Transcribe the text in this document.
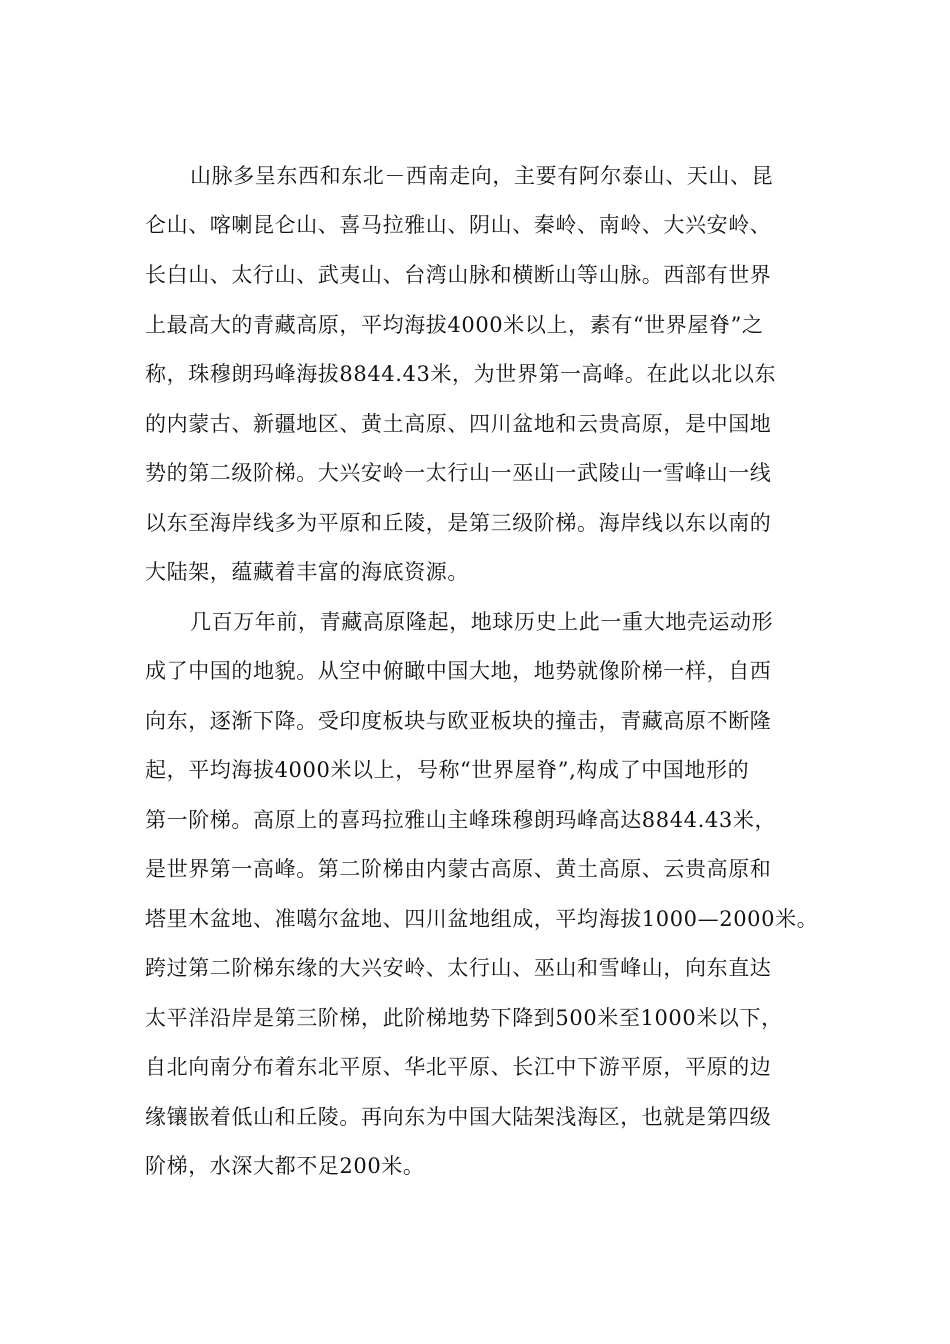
山脉多呈东西和东北－西南走向，主要有阿尔泰山、天山、昆
仑山、喀喇昆仑山、喜马拉雅山、阴山、秦岭、南岭、大兴安岭、
长白山、太行山、武夷山、台湾山脉和横断山等山脉。西部有世界
上最高大的青藏高原，平均海拔4000米以上，素有“世界屋脊”之
称，珠穆朗玛峰海拔8844.43米，为世界第一高峰。在此以北以东
的内蒙古、新疆地区、黄土高原、四川盆地和云贵高原，是中国地
势的第二级阶梯。大兴安岭一太行山一巫山一武陵山一雪峰山一线
以东至海岸线多为平原和丘陵，是第三级阶梯。海岸线以东以南的
大陆架，蕴藏着丰富的海底资源。
几百万年前，青藏高原隆起，地球历史上此一重大地壳运动形
成了中国的地貌。从空中俯瞰中国大地，地势就像阶梯一样，自西
向东，逐渐下降。受印度板块与欧亚板块的撞击，青藏高原不断隆
起，平均海拔4000米以上，号称“世界屋脊”,构成了中国地形的
第一阶梯。高原上的喜玛拉雅山主峰珠穆朗玛峰高达8844.43米，
是世界第一高峰。第二阶梯由内蒙古高原、黄土高原、云贵高原和
塔里木盆地、准噶尔盆地、四川盆地组成，平均海拔1000—2000米。
跨过第二阶梯东缘的大兴安岭、太行山、巫山和雪峰山，向东直达
太平洋沿岸是第三阶梯，此阶梯地势下降到500米至1000米以下，
自北向南分布着东北平原、华北平原、长江中下游平原，平原的边
缘镶嵌着低山和丘陵。再向东为中国大陆架浅海区，也就是第四级
阶梯，水深大都不足200米。
